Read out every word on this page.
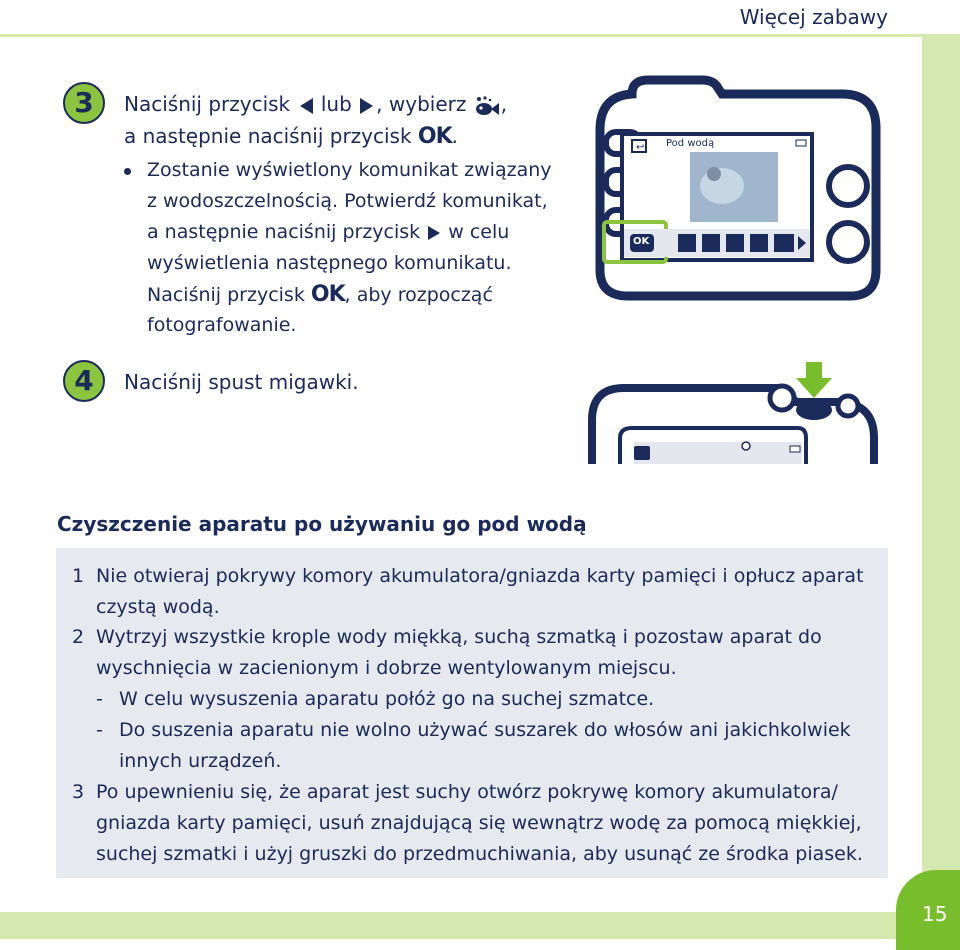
Więcej zabawy
15
3	Naciśnij przycisk lub , wybierz ,
a następnie naciśnij przycisk OK.
Zostanie wyświetlony komunikat związany
z wodoszczelnością. Potwierdź komunikat,
a następnie naciśnij przycisk w celu
wyświetlenia następnego komunikatu.
Naciśnij przycisk OK, aby rozpocząć
fotografowanie.
↩ Pod wodą
OK
4	Naciśnij spust migawki.
Czyszczenie aparatu po używaniu go pod wodą
1 Nie otwieraj pokrywy komory akumulatora/gniazda karty pamięci i opłucz aparat
czystą wodą.
2 Wytrzyj wszystkie krople wody miękką, suchą szmatką i pozostaw aparat do
wyschnięcia w zacienionym i dobrze wentylowanym miejscu.
- W celu wysuszenia aparatu połóż go na suchej szmatce.
- Do suszenia aparatu nie wolno używać suszarek do włosów ani jakichkolwiek
innych urządzeń.
3 Po upewnieniu się, że aparat jest suchy otwórz pokrywę komory akumulatora/
gniazda karty pamięci, usuń znajdującą się wewnątrz wodę za pomocą miękkiej,
suchej szmatki i użyj gruszki do przedmuchiwania, aby usunąć ze środka piasek.
